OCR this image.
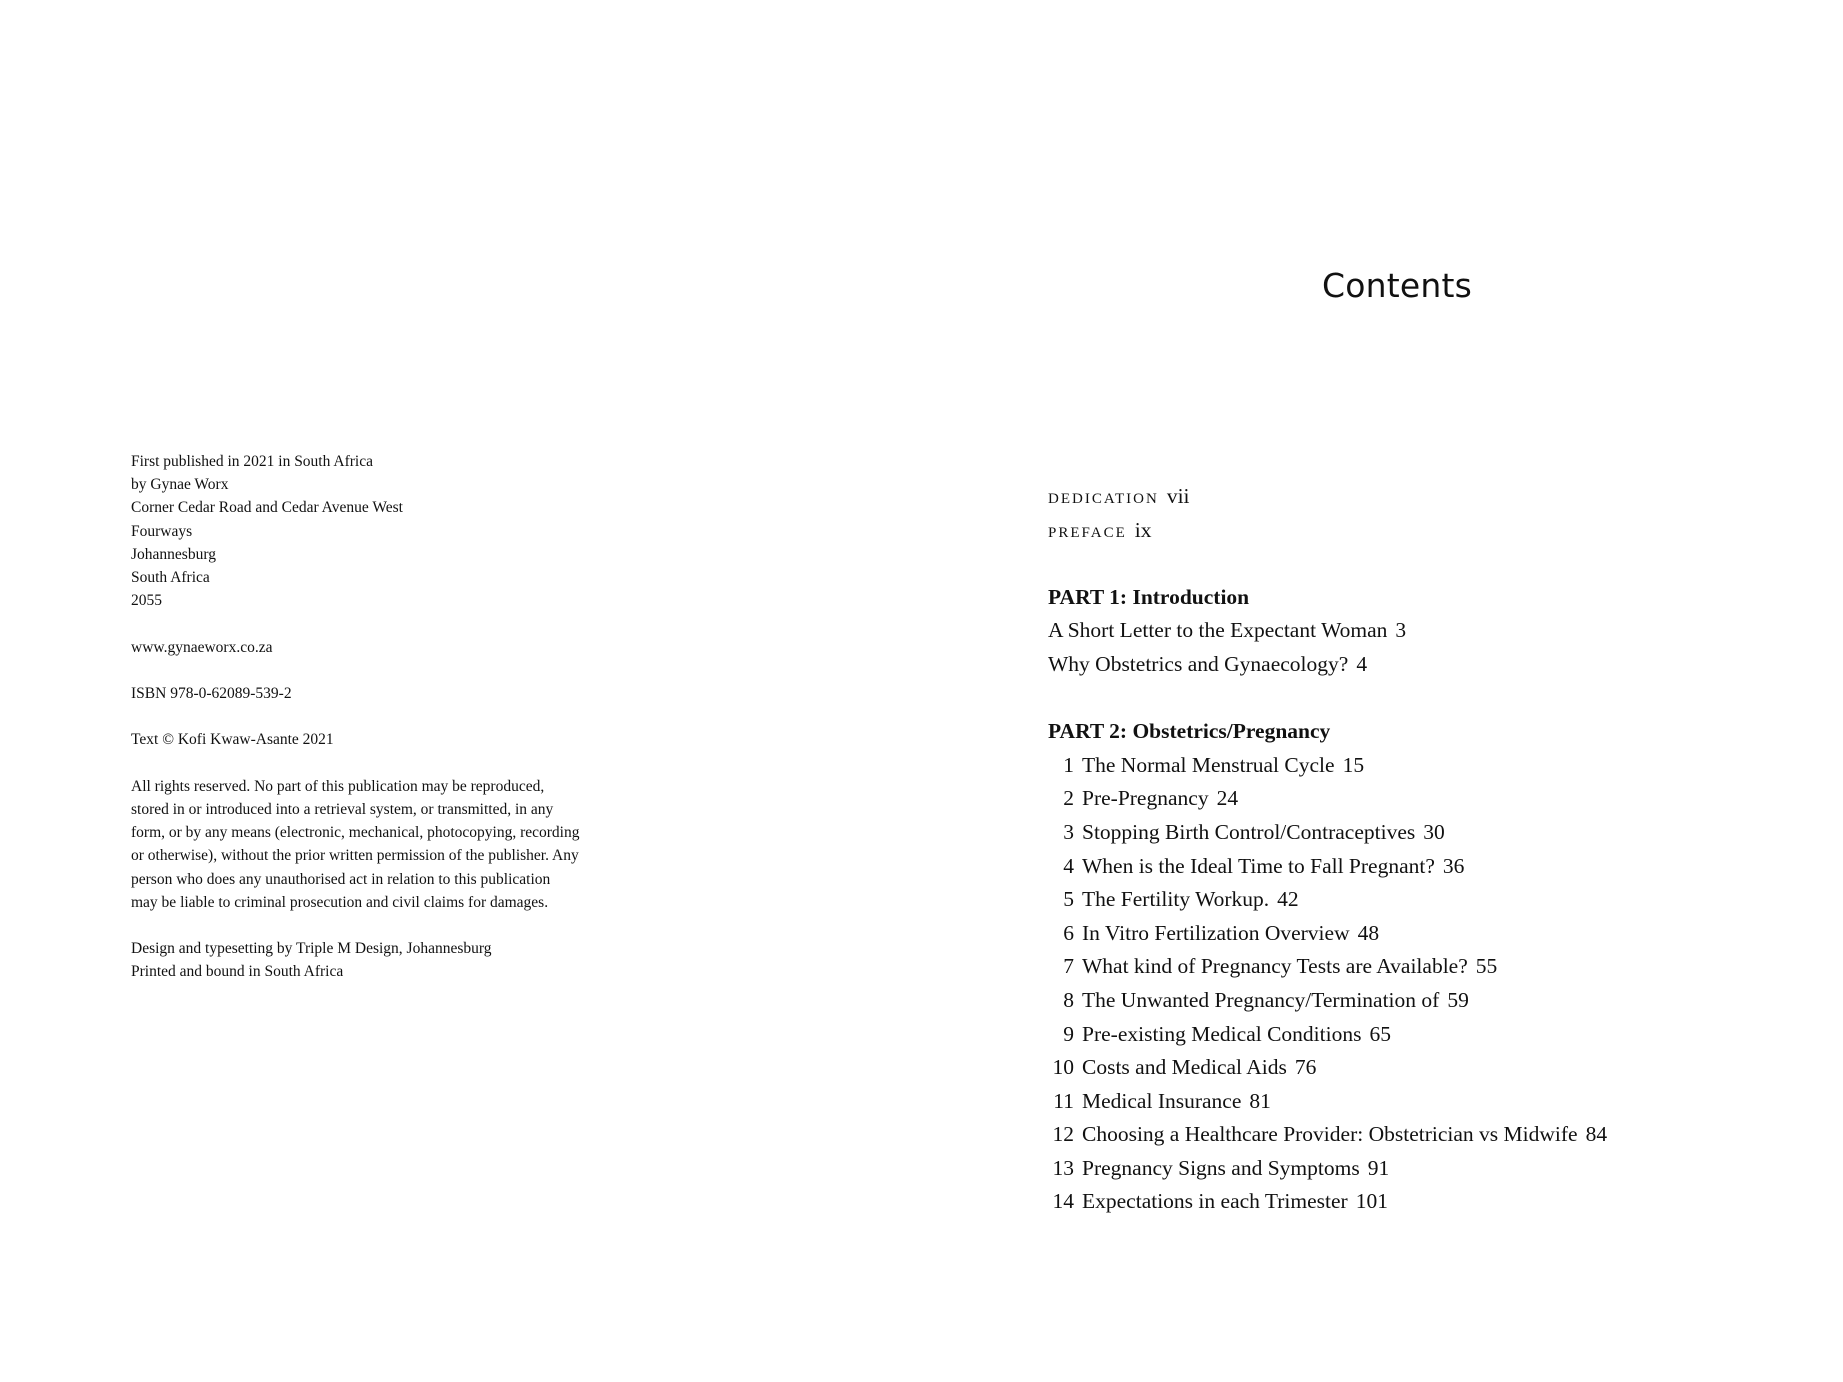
First published in 2021 in South Africa
by Gynae Worx
Corner Cedar Road and Cedar Avenue West
Fourways
Johannesburg
South Africa
2055
www.gynaeworx.co.za
ISBN 978-0-62089-539-2
Text © Kofi Kwaw-Asante 2021
All rights reserved. No part of this publication may be reproduced,
stored in or introduced into a retrieval system, or transmitted, in any
form, or by any means (electronic, mechanical, photocopying, recording
or otherwise), without the prior written permission of the publisher. Any
person who does any unauthorised act in relation to this publication
may be liable to criminal prosecution and civil claims for damages.
Design and typesetting by Triple M Design, Johannesburg
Printed and bound in South Africa
Contents
dedication vii
preface ix
PART 1: Introduction
A Short Letter to the Expectant Woman 3
Why Obstetrics and Gynaecology? 4
PART 2: Obstetrics/Pregnancy
1 The Normal Menstrual Cycle 15
2 Pre-Pregnancy 24
3 Stopping Birth Control/Contraceptives 30
4 When is the Ideal Time to Fall Pregnant? 36
5 The Fertility Workup. 42
6 In Vitro Fertilization Overview 48
7 What kind of Pregnancy Tests are Available? 55
8 The Unwanted Pregnancy/Termination of 59
9 Pre-existing Medical Conditions 65
10 Costs and Medical Aids 76
11 Medical Insurance 81
12 Choosing a Healthcare Provider: Obstetrician vs Midwife 84
13 Pregnancy Signs and Symptoms 91
14 Expectations in each Trimester 101
